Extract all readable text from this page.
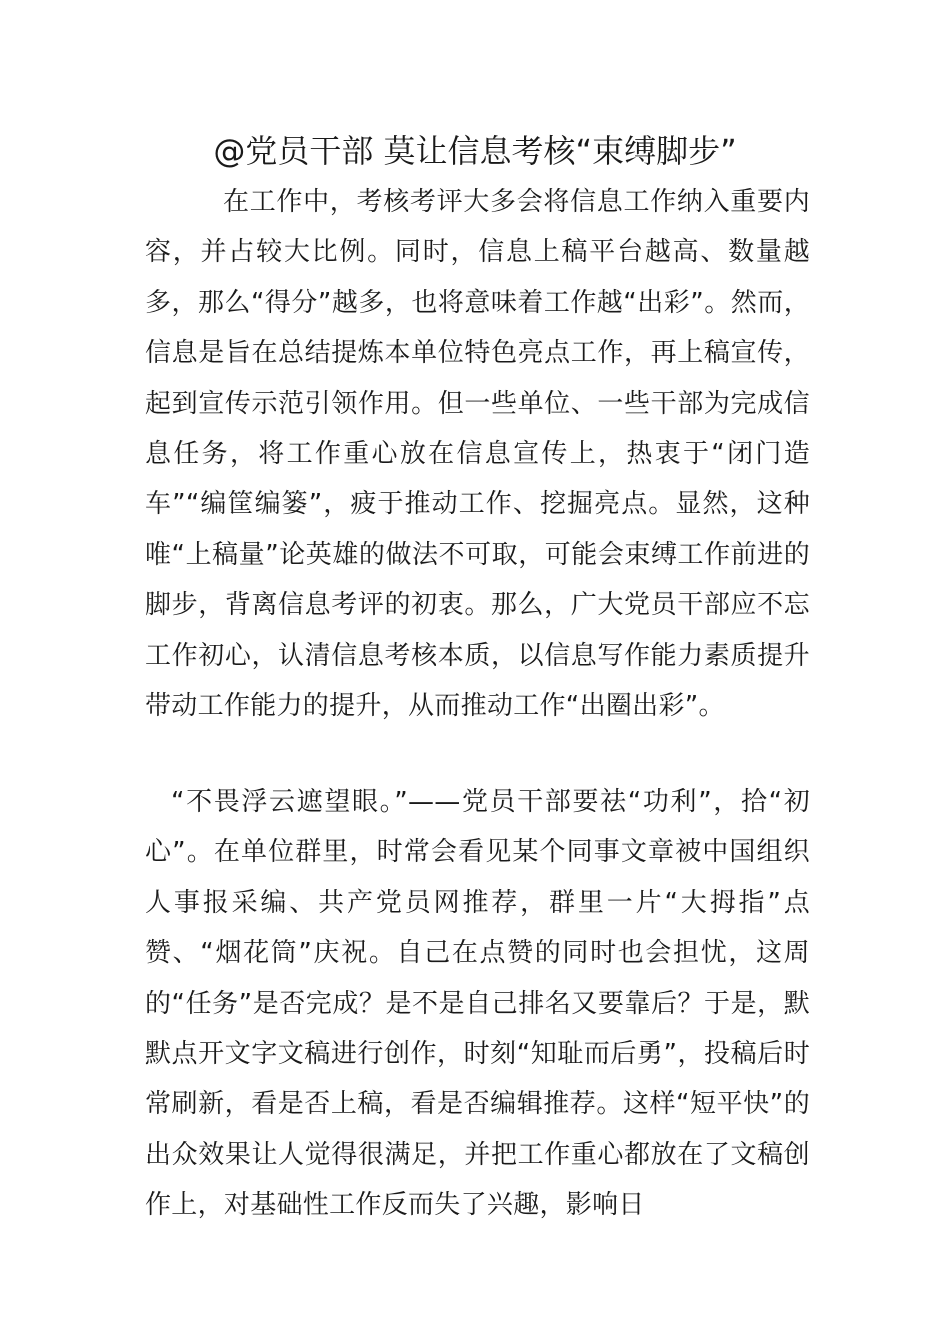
@党员干部 莫让信息考核“束缚脚步”

在工作中，考核考评大多会将信息工作纳入重要内容，并占较大比例。同时，信息上稿平台越高、数量越多，那么“得分”越多，也将意味着工作越“出彩”。然而，信息是旨在总结提炼本单位特色亮点工作，再上稿宣传，起到宣传示范引领作用。但一些单位、一些干部为完成信息任务，将工作重心放在信息宣传上，热衷于“闭门造车”“编筐编篓”，疲于推动工作、挖掘亮点。显然，这种唯“上稿量”论英雄的做法不可取，可能会束缚工作前进的脚步，背离信息考评的初衷。那么，广大党员干部应不忘工作初心，认清信息考核本质，以信息写作能力素质提升带动工作能力的提升，从而推动工作“出圈出彩”。

“不畏浮云遮望眼。”——党员干部要祛“功利”，拾“初心”。在单位群里，时常会看见某个同事文章被中国组织人事报采编、共产党员网推荐，群里一片“大拇指”点赞、“烟花筒”庆祝。自己在点赞的同时也会担忧，这周的“任务”是否完成？是不是自己排名又要靠后？于是，默默点开文字文稿进行创作，时刻“知耻而后勇”，投稿后时常刷新，看是否上稿，看是否编辑推荐。这样“短平快”的出众效果让人觉得很满足，并把工作重心都放在了文稿创作上，对基础性工作反而失了兴趣，影响日
